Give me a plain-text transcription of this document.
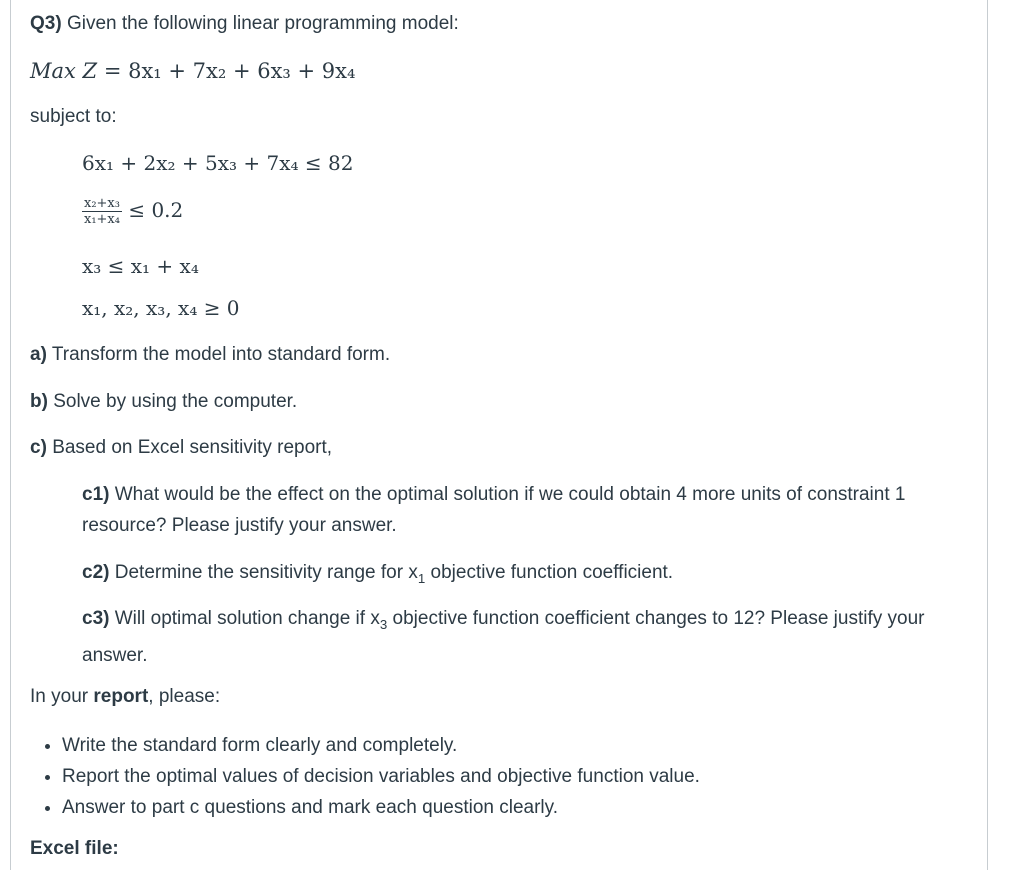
Q3) Given the following linear programming model:
Max Z = 8x₁ + 7x₂ + 6x₃ + 9x₄
subject to:
6x₁ + 2x₂ + 5x₃ + 7x₄ ≤ 82
$\frac{\text{x₂+x₃}}{\text{x₁+x₄}} \le 0.2$
x₃ ≤ x₁ + x₄
x₁, x₂, x₃, x₄ ≥ 0
a) Transform the model into standard form.
b) Solve by using the computer.
c) Based on Excel sensitivity report,
c1) What would be the effect on the optimal solution if we could obtain 4 more units of constraint 1 resource? Please justify your answer.
c2) Determine the sensitivity range for $x_1$ objective function coefficient.
c3) Will optimal solution change if $x_3$ objective function coefficient changes to 12? Please justify your answer.
In your report, please:
• Write the standard form clearly and completely.
• Report the optimal values of decision variables and objective function value.
• Answer to part c questions and mark each question clearly.
Excel file:
